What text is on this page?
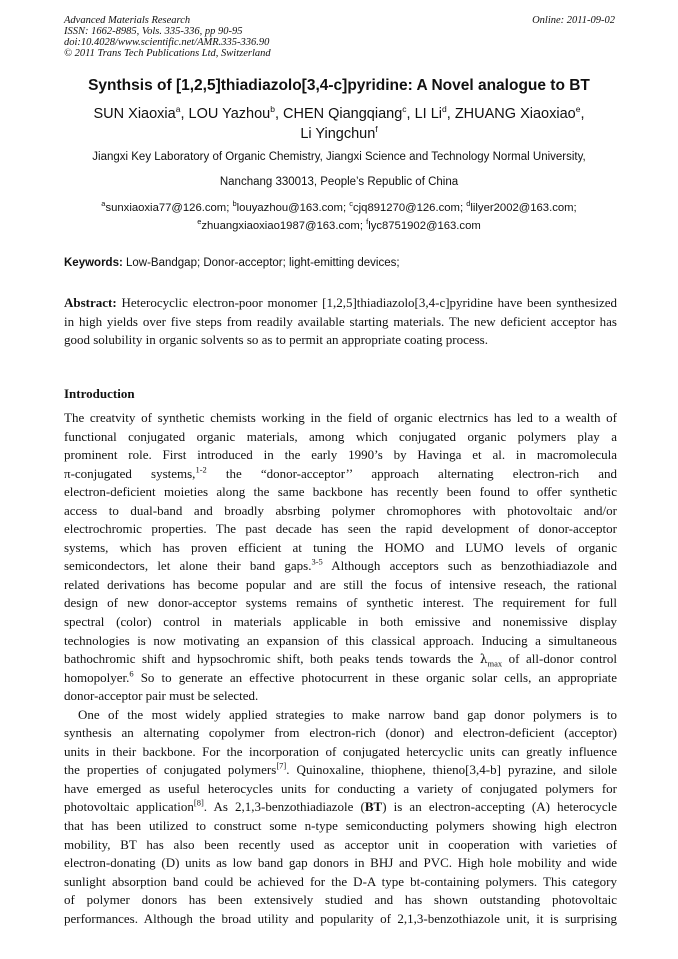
Advanced Materials Research
ISSN: 1662-8985, Vols. 335-336, pp 90-95
doi:10.4028/www.scientific.net/AMR.335-336.90
© 2011 Trans Tech Publications Ltd, Switzerland
Online: 2011-09-02
Synthsis of [1,2,5]thiadiazolo[3,4-c]pyridine: A Novel analogue to BT
SUN Xiaoxia$^a$, LOU Yazhou$^b$, CHEN Qiangqiang$^c$, LI Li$^d$, ZHUANG Xiaoxiao$^e$,
Li Yingchun$^f$
Jiangxi Key Laboratory of Organic Chemistry, Jiangxi Science and Technology Normal University,
Nanchang 330013, People’s Republic of China
$^a$sunxiaoxia77@126.com; $^b$louyazhou@163.com; $^c$cjq891270@126.com; $^d$lilyer2002@163.com;
$^e$zhuangxiaoxiao1987@163.com; $^f$lyc8751902@163.com
Keywords: Low-Bandgap; Donor-acceptor; light-emitting devices;
Abstract: Heterocyclic electron-poor monomer [1,2,5]thiadiazolo[3,4-c]pyridine have been synthesized in high yields over five steps from readily available starting materials. The new deficient acceptor has good solubility in organic solvents so as to permit an appropriate coating process.
Introduction
The creatvity of synthetic chemists working in the field of organic electrnics has led to a wealth of
functional conjugated organic materials, among which conjugated organic polymers play a
prominent role. First introduced in the early 1990’s by Havinga et al. in macromolecula
π-conjugated systems,$^{1-2}$ the “donor-acceptor’’ approach alternating electron-rich and
electron-deficient moieties along the same backbone has recently been found to offer synthetic
access to dual-band and broadly absrbing polymer chromophores with photovoltaic and/or
electrochromic properties. The past decade has seen the rapid development of donor-acceptor
systems, which has proven efficient at tuning the HOMO and LUMO levels of organic
semicondectors, let alone their band gaps.$^{3-5}$ Although acceptors such as benzothiadiazole and
related derivations has become popular and are still the focus of intensive reseach, the rational
design of new donor-acceptor systems remains of synthetic interest. The requirement for full
spectral (color) control in materials applicable in both emissive and nonemissive display
technologies is now motivating an expansion of this classical approach. Inducing a simultaneous
bathochromic shift and hypsochromic shift, both peaks tends towards the $\lambda_{max}$ of all-donor control
homopolyer.$^6$ So to generate an effective photocurrent in these organic solar cells, an appropriate
donor-acceptor pair must be selected.
One of the most widely applied strategies to make narrow band gap donor polymers is to
synthesis an alternating copolymer from electron-rich (donor) and electron-deficient (acceptor)
units in their backbone. For the incorporation of conjugated hetercyclic units can greatly influence
the properties of conjugated polymers[7]. Quinoxaline, thiophene, thieno[3,4-b] pyrazine, and silole
have emerged as useful heterocycles units for conducting a variety of conjugated polymers for
photovoltaic application[8]. As 2,1,3-benzothiadiazole (BT) is an electron-accepting (A) heterocycle
that has been utilized to construct some n-type semiconducting polymers showing high electron
mobility, BT has also been recently used as acceptor unit in cooperation with varieties of
electron-donating (D) units as low band gap donors in BHJ and PVC. High hole mobility and wide
sunlight absorption band could be achieved for the D-A type bt-containing polymers. This category
of polymer donors has been extensively studied and has shown outstanding photovoltaic
performances. Although the broad utility and popularity of 2,1,3-benzothiazole unit, it is surprising
